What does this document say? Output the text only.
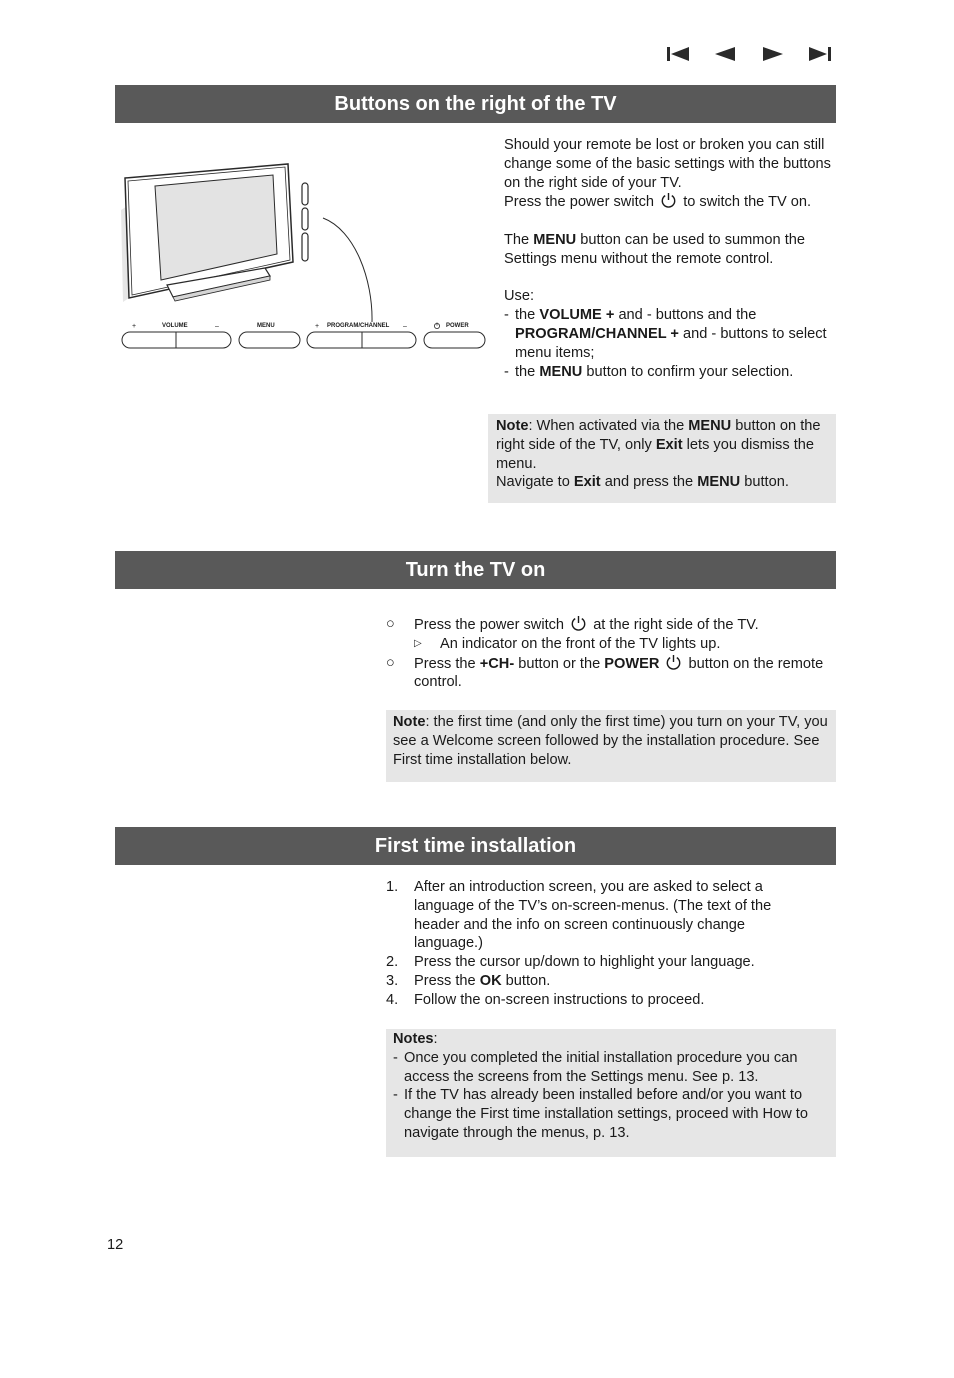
Buttons on the right of the TV
+	VOLUME	–	MENU	+ PROGRAM/CHANNEL –	POWER

Should your remote be lost or broken you can still change some of the basic settings with the buttons on the right side of your TV.

Press the power switch to switch the TV on.

The MENU button can be used to summon the Settings menu without the remote control.

Use:

- the VOLUME + and - buttons and the PROGRAM/CHANNEL + and - buttons to select menu items;
- the MENU button to confirm your selection.
Note: When activated via the MENU button on the right side of the TV, only Exit lets you dismiss the menu.
Navigate to Exit and press the MENU button.
Turn the TV on
○ Press the power switch at the right side of the TV.
▷ An indicator on the front of the TV lights up.
○ Press the +CH- button or the POWER button on the remote control.
Note: the first time (and only the first time) you turn on your TV, you see a Welcome screen followed by the installation procedure. See First time installation below.
First time installation
1. After an introduction screen, you are asked to select a language of the TV’s on-screen-menus. (The text of the header and the info on screen continuously change language.)
2. Press the cursor up/down to highlight your language.
3. Press the OK button.
4. Follow the on-screen instructions to proceed.

Notes:

- Once you completed the initial installation procedure you can access the screens from the Settings menu. See p. 13.
- If the TV has already been installed before and/or you want to change the First time installation settings, proceed with How to navigate through the menus, p. 13.
12
